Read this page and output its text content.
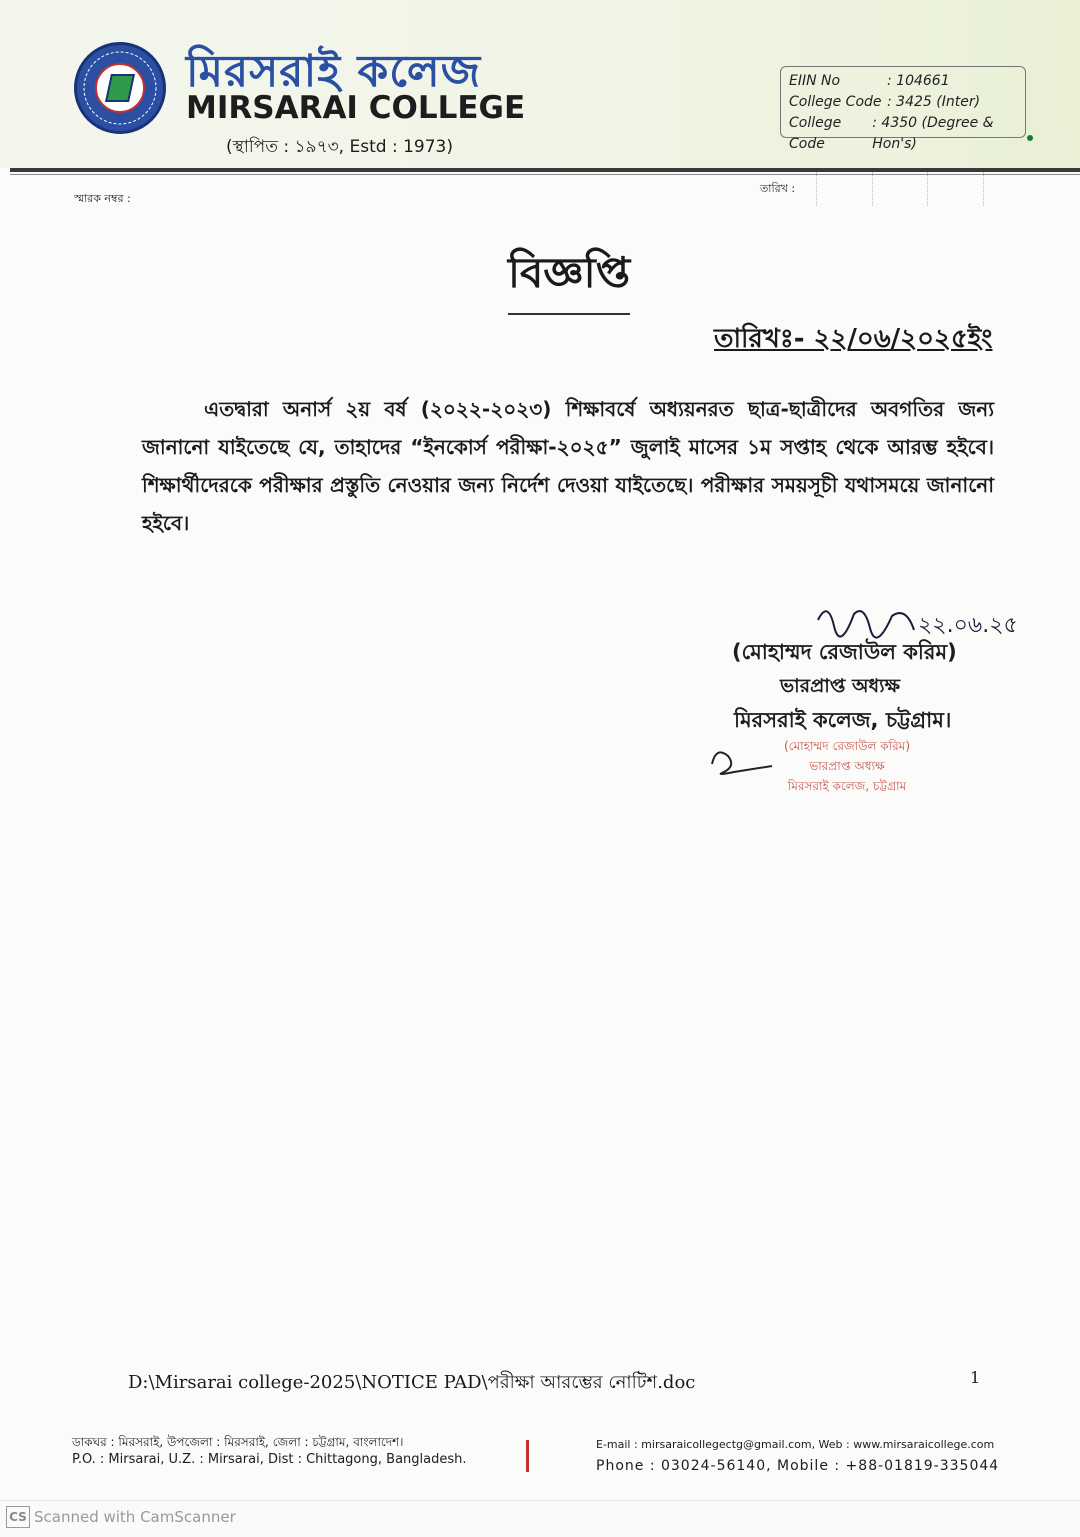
মিরসরাই কলেজ
MIRSARAI COLLEGE
(স্থাপিত : ১৯৭৩, Estd : 1973)
EIIN No	: 104661
College Code : 3425 (Inter)
College Code
: 4350 (Degree & Hon's)
স্মারক নম্বর :
তারিখ :
বিজ্ঞপ্তি
তারিখঃ- ২২/০৬/২০২৫ইং
এতদ্বারা অনার্স ২য় বর্ষ (২০২২-২০২৩) শিক্ষাবর্ষে অধ্যয়নরত ছাত্র-ছাত্রীদের অবগতির জন্য জানানো যাইতেছে যে, তাহাদের “ইনকোর্স পরীক্ষা-২০২৫” জুলাই মাসের ১ম সপ্তাহ থেকে আরম্ভ হইবে। শিক্ষার্থীদেরকে পরীক্ষার প্রস্তুতি নেওয়ার জন্য নির্দেশ দেওয়া যাইতেছে। পরীক্ষার সময়সূচী যথাসময়ে জানানো হইবে।
২২.০৬.২৫
(মোহাম্মদ রেজাউল করিম)
ভারপ্রাপ্ত অধ্যক্ষ
মিরসরাই কলেজ, চট্টগ্রাম।
(মোহাম্মদ রেজাউল করিম)
ভারপ্রাপ্ত অধ্যক্ষ
মিরসরাই কলেজ, চট্টগ্রাম
D:\Mirsarai college-2025\NOTICE PAD\পরীক্ষা আরম্ভের নোটিশ.doc	1
ডাকঘর : মিরসরাই, উপজেলা : মিরসরাই, জেলা : চট্টগ্রাম, বাংলাদেশ।
P.O. : Mirsarai, U.Z. : Mirsarai, Dist : Chittagong, Bangladesh.
E-mail : mirsaraicollegectg@gmail.com, Web : www.mirsaraicollege.com
Phone : 03024-56140, Mobile : +88-01819-335044
CS Scanned with CamScanner
